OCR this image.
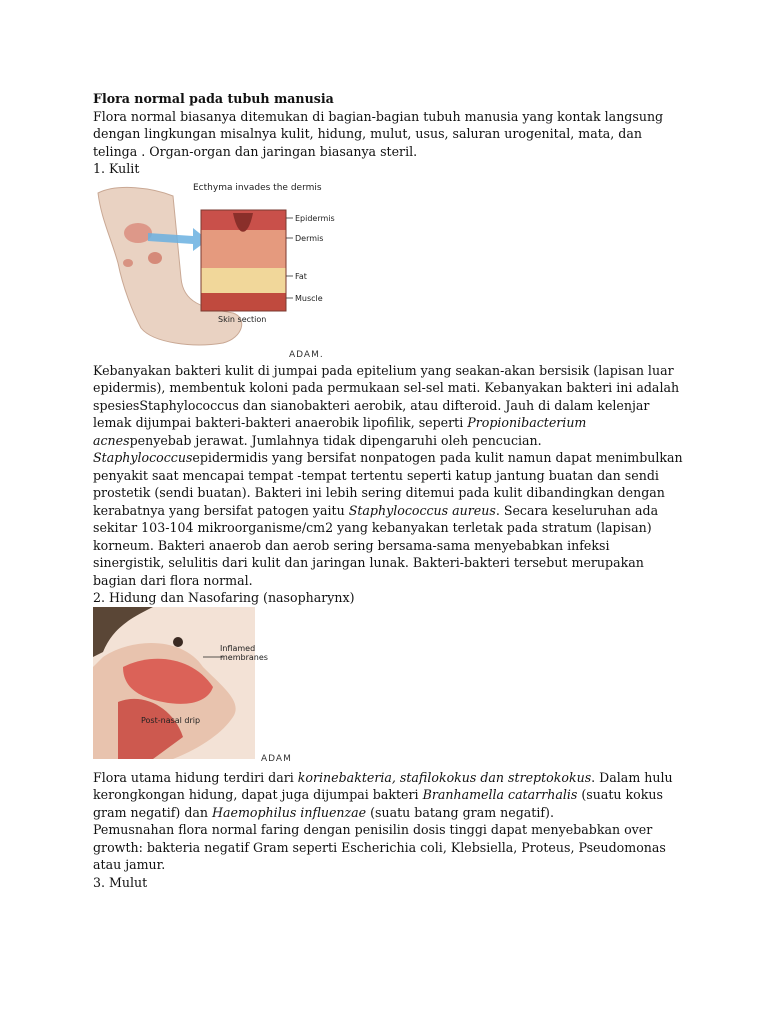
Flora normal pada tubuh manusia

Flora normal biasanya ditemukan di bagian-bagian tubuh manusia yang kontak langsung dengan lingkungan misalnya kulit, hidung, mulut, usus, saluran urogenital, mata, dan telinga . Organ-organ dan jaringan biasanya steril.

1. Kulit

Ecthyma invades the dermis
Epidermis
Dermis
Fat
Muscle
Skin section
ADAM.

Kebanyakan bakteri kulit di jumpai pada epitelium yang seakan-akan bersisik (lapisan luar epidermis), membentuk koloni pada permukaan sel-sel mati. Kebanyakan bakteri ini adalah spesiesStaphylococcus dan sianobakteri aerobik, atau difteroid. Jauh di dalam kelenjar lemak dijumpai bakteri-bakteri anaerobik lipofilik, seperti Propionibacterium acnespenyebab jerawat. Jumlahnya tidak dipengaruhi oleh pencucian. Staphylococcusepidermidis yang bersifat nonpatogen pada kulit namun dapat menimbulkan penyakit saat mencapai tempat -tempat tertentu seperti katup jantung buatan dan sendi prostetik (sendi buatan). Bakteri ini lebih sering ditemui pada kulit dibandingkan dengan kerabatnya yang bersifat patogen yaitu Staphylococcus aureus. Secara keseluruhan ada sekitar 103-104 mikroorganisme/cm2 yang kebanyakan terletak pada stratum (lapisan) korneum. Bakteri anaerob dan aerob sering bersama-sama menyebabkan infeksi sinergistik, selulitis dari kulit dan jaringan lunak. Bakteri-bakteri tersebut merupakan bagian dari flora normal.

2. Hidung dan Nasofaring (nasopharynx)

Inflamed
membranes
Post-nasal drip
ADAM

Flora utama hidung terdiri dari korinebakteria, stafilokokus dan streptokokus. Dalam hulu kerongkongan hidung, dapat juga dijumpai bakteri Branhamella catarrhalis (suatu kokus gram negatif) dan Haemophilus influenzae (suatu batang gram negatif).

Pemusnahan flora normal faring dengan penisilin dosis tinggi dapat menyebabkan over growth: bakteria negatif Gram seperti Escherichia coli, Klebsiella, Proteus, Pseudomonas atau jamur.

3. Mulut
